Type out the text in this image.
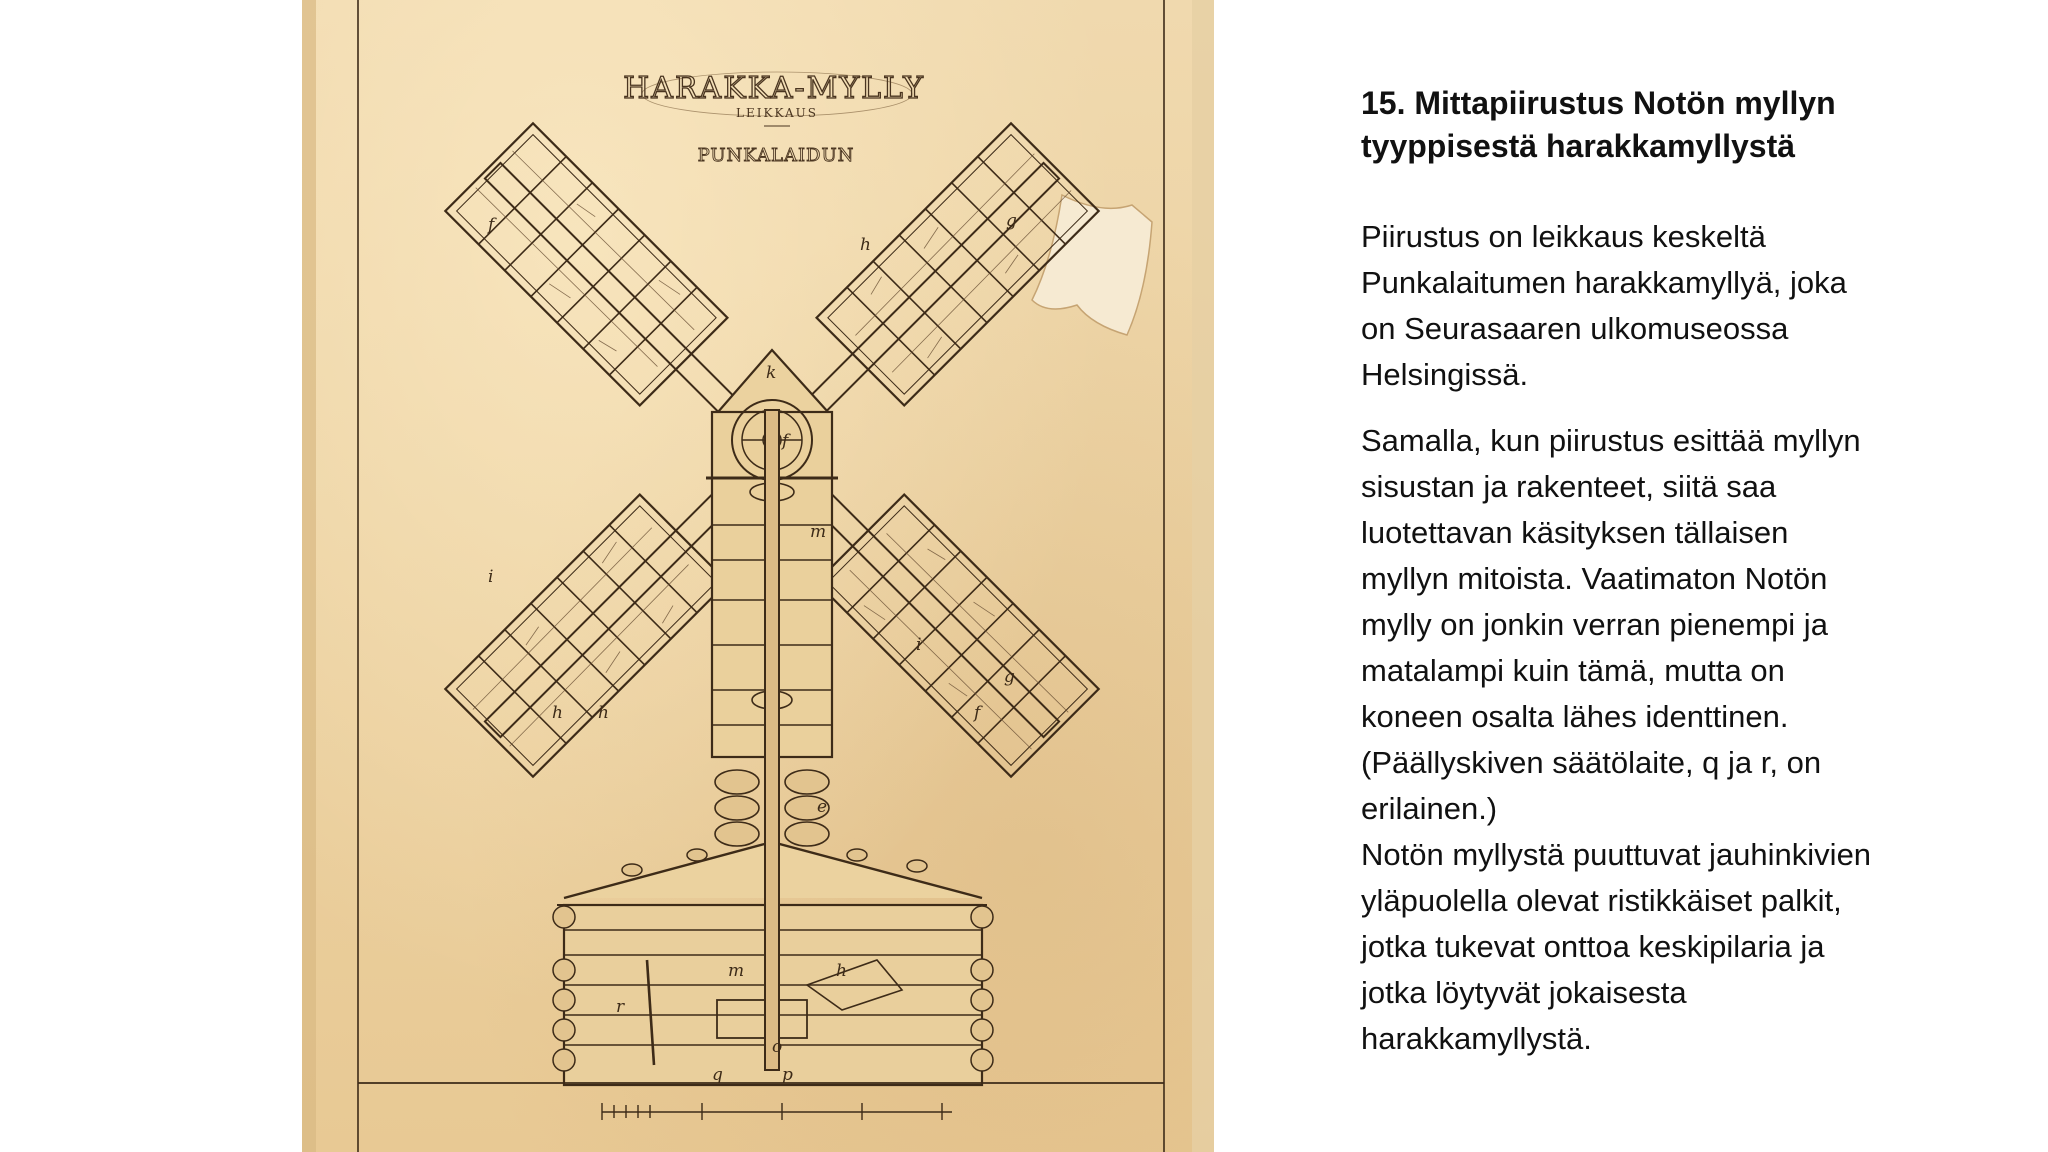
HARAKKA-MYLLY
LEIKKAUS
PUNKALAIDUN
f	g
h
k
f
m
i
g
i
h	f
h
e
m
r
h
o
q	p
15. Mittapiirustus Notön myllyn
tyyppisestä harakkamyllystä
Piirustus on leikkaus keskeltä
Punkalaitumen harakkamyllyä, joka
on Seurasaaren ulkomuseossa
Helsingissä.
Samalla, kun piirustus esittää myllyn
sisustan ja rakenteet, siitä saa
luotettavan käsityksen tällaisen
myllyn mitoista. Vaatimaton Notön
mylly on jonkin verran pienempi ja
matalampi kuin tämä, mutta on
koneen osalta lähes identtinen.
(Päällyskiven säätölaite, q ja r, on
erilainen.)
Notön myllystä puuttuvat jauhinkivien
yläpuolella olevat ristikkäiset palkit,
jotka tukevat onttoa keskipilaria ja
jotka löytyvät jokaisesta
harakkamyllystä.
